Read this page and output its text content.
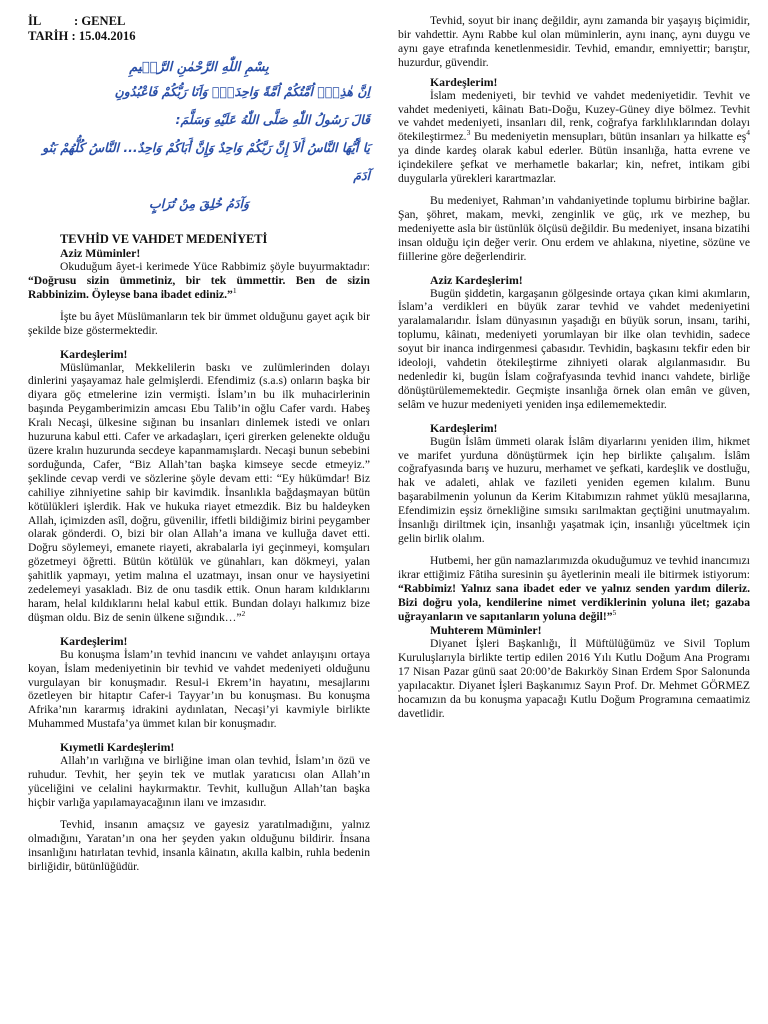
İL	: GENEL
TARİH : 15.04.2016
بِسْمِ اللّٰهِ الرَّحْمٰنِ الرَّح۪يمِ
اِنَّ هٰذِه۪ٓ اُمَّتُكُمْ اُمَّةً وَاحِدَةًۘ وَاَنَا رَبُّكُمْ فَاعْبُدُونِ
قَالَ رَسُولُ اللّٰهِ صَلَّى اللّٰهُ عَلَيْهِ وَسَلَّمَ:
يَا أَيُّهَا النَّاسُ أَلاَ إِنَّ رَبَّكُمْ وَاحِدٌ وَإِنَّ أَبَاكُمْ وَاحِدٌ... النَّاسُ كُلُّهُمْ بَنُو آدَمَ
وَآدَمُ خُلِقَ مِنْ تُرَابٍ
TEVHİD VE VAHDET MEDENİYETİ
Aziz Müminler!

Okuduğum âyet-i kerimede Yüce Rabbimiz şöyle buyurmaktadır: “Doğrusu sizin ümmetiniz, bir tek ümmettir. Ben de sizin Rabbinizim. Öyleyse bana ibadet ediniz.”$^1$

İşte bu âyet Müslümanların tek bir ümmet olduğunu gayet açık bir şekilde bize göstermektedir.

Kardeşlerim!

Müslümanlar, Mekkelilerin baskı ve zulümlerinden dolayı dinlerini yaşayamaz hale gelmişlerdi. Efendimiz (s.a.s) onların başka bir diyara göç etmelerine izin vermişti. İslam’ın bu ilk muhacirlerinin başında Peygamberimizin amcası Ebu Talib’in oğlu Cafer vardı. Habeş Kralı Necaşi, ülkesine sığınan bu insanları dinlemek istedi ve onları huzuruna kabul etti. Cafer ve arkadaşları, içeri girerken gelenekte olduğu üzere kralın huzurunda secdeye kapanmamışlardı. Necaşi bunun sebebini sorduğunda, Cafer, “Biz Allah’tan başka kimseye secde etmeyiz.” şeklinde cevap verdi ve sözlerine şöyle devam etti: “Ey hükümdar! Biz cahiliye zihniyetine sahip bir kavimdik. İnsanlıkla bağdaşmayan bütün kötülükleri işlerdik. Hak ve hukuka riayet etmezdik. Biz bu haldeyken Allah, içimizden asîl, doğru, güvenilir, iffetli bildiğimiz birini peygamber olarak gönderdi. O, bizi bir olan Allah’a imana ve kulluğa davet etti. Doğru söylemeyi, emanete riayeti, akrabalarla iyi geçinmeyi, komşuları gözetmeyi öğretti. Bütün kötülük ve günahları, kan dökmeyi, yalan şahitlik yapmayı, yetim malına el uzatmayı, insan onur ve haysiyetini zedelemeyi yasakladı. Biz de onu tasdik ettik. Onun haram kıldıklarını haram, helal kıldıklarını helal kabul ettik. Bundan dolayı halkımız bize düşman oldu. Biz de senin ülkene sığındık…”$^2$

Kardeşlerim!

Bu konuşma İslam’ın tevhid inancını ve vahdet anlayışını ortaya koyan, İslam medeniyetinin bir tevhid ve vahdet medeniyeti olduğunu vurgulayan bir konuşmadır. Resul-i Ekrem’in hayatını, mesajlarını özetleyen bir hitaptır Cafer-i Tayyar’ın bu konuşması. Bu konuşma Afrika’nın kararmış idrakini aydınlatan, Necaşi’yi kavmiyle birlikte Muhammed Mustafa’ya ümmet kılan bir konuşmadır.

Kıymetli Kardeşlerim!

Allah’ın varlığına ve birliğine iman olan tevhid, İslam’ın özü ve ruhudur. Tevhit, her şeyin tek ve mutlak yaratıcısı olan Allah’ın yüceliğini ve celalini haykırmaktır. Tevhit, kulluğun Allah’tan başka hiçbir varlığa yapılamayacağının ilanı ve imzasıdır.

Tevhid, insanın amaçsız ve gayesiz yaratılmadığını, yalnız olmadığını, Yaratan’ın ona her şeyden yakın olduğunu bildirir. İnsana insanlığını hatırlatan tevhid, insanla kâinatın, akılla kalbin, ruhla bedenin birliğidir, bütünlüğüdür.

Tevhid, soyut bir inanç değildir, aynı zamanda bir yaşayış biçimidir, bir vahdettir. Aynı Rabbe kul olan müminlerin, aynı inanç, aynı duygu ve aynı gaye etrafında kenetlenmesidir. Tevhid, emandır, emniyettir; barıştır, huzurdur, güvendir.

Kardeşlerim!

İslam medeniyeti, bir tevhid ve vahdet medeniyetidir. Tevhit ve vahdet medeniyeti, kâinatı Batı-Doğu, Kuzey-Güney diye bölmez. Tevhit ve vahdet medeniyeti, insanları dil, renk, coğrafya farklılıklarından dolayı ötekileştirmez.$^3$ Bu medeniyetin mensupları, bütün insanları ya hilkatte $eş^4$ ya dinde kardeş olarak kabul ederler. Bütün insanlığa, hatta evrene ve içindekilere şefkat ve merhametle bakarlar; kin, nefret, intikam gibi duygularla yürekleri karartmazlar.

Bu medeniyet, Rahman’ın vahdaniyetinde toplumu birbirine bağlar. Şan, şöhret, makam, mevki, zenginlik ve güç, ırk ve mezhep, bu medeniyette asla bir üstünlük ölçüsü değildir. Bu medeniyet, insana bizatihi insan olduğu için değer verir. Onu erdem ve ahlakına, niyetine, sözüne ve fiillerine göre değerlendirir.

Aziz Kardeşlerim!

Bugün şiddetin, kargaşanın gölgesinde ortaya çıkan kimi akımların, İslam’a verdikleri en büyük zarar tevhid ve vahdet medeniyetini yaralamalarıdır. İslam dünyasının yaşadığı en büyük sorun, insanı, tarihi, toplumu, kâinatı, medeniyeti yorumlayan bir ilke olan tevhidin, sadece soyut bir inanca indirgenmesi çabasıdır. Tevhidin, başkasını tekfir eden bir ideoloji, vahdetin ötekileştirme zihniyeti olarak algılanmasıdır. Bu nedenledir ki, bugün İslam coğrafyasında tevhid inancı vahdete, birliğe dönüştürülememektedir. Geçmişte insanlığa örnek olan emân ve güven, selâm ve huzur medeniyeti yeniden inşa edilememektedir.

Kardeşlerim!

Bugün İslâm ümmeti olarak İslâm diyarlarını yeniden ilim, hikmet ve marifet yurduna dönüştürmek için hep birlikte çalışalım. İslâm coğrafyasında barış ve huzuru, merhamet ve şefkati, kardeşlik ve dostluğu, hak ve adaleti, ahlak ve fazileti yeniden egemen kılalım. Bunu başarabilmenin yolunun da Kerim Kitabımızın rahmet yüklü mesajlarına, Efendimizin eşsiz örnekliğine sımsıkı sarılmaktan geçtiğini unutmayalım. İnsanlığı diriltmek için, insanlığı yaşatmak için, insanlığı yüceltmek için gelin birlik olalım.

Hutbemi, her gün namazlarımızda okuduğumuz ve tevhid inancımızı ikrar ettiğimiz Fâtiha suresinin şu âyetlerinin meali ile bitirmek istiyorum: “Rabbimiz! Yalnız sana ibadet eder ve yalnız senden yardım dileriz. Bizi doğru yola, kendilerine nimet verdiklerinin yoluna ilet; gazaba uğrayanların ve sapıtanların yoluna değil!”$^5$

Muhterem Müminler!

Diyanet İşleri Başkanlığı, İl Müftülüğümüz ve Sivil Toplum Kuruluşlarıyla birlikte tertip edilen 2016 Yılı Kutlu Doğum Ana Programı 17 Nisan Pazar günü saat 20:00’de Bakırköy Sinan Erdem Spor Salonunda yapılacaktır. Diyanet İşleri Başkanımız Sayın Prof. Dr. Mehmet GÖRMEZ hocamızın da bu konuşma yapacağı Kutlu Doğum Programına cemaatimiz davetlidir.
